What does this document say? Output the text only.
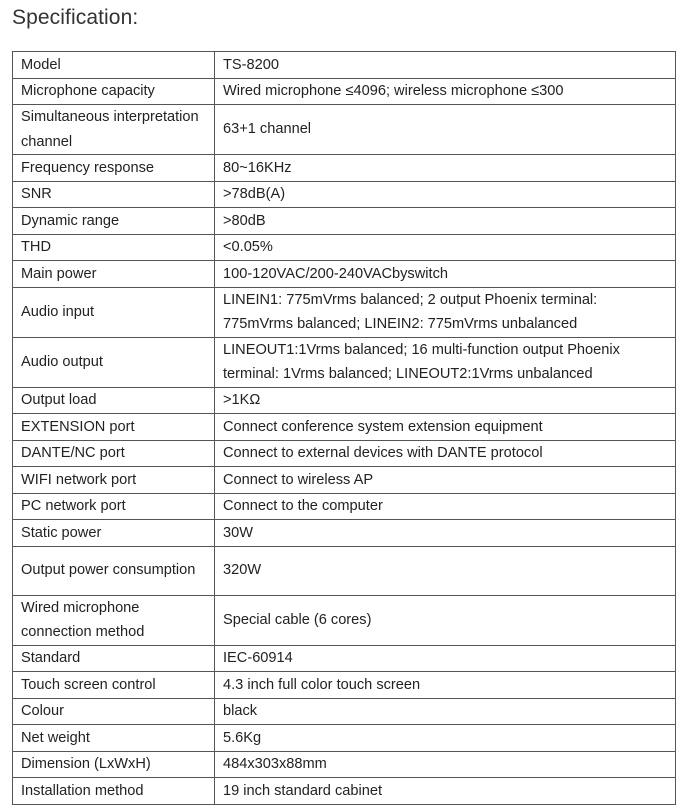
Specification:
Model	TS-8200
Microphone capacity	Wired microphone ≤4096; wireless microphone ≤300
Simultaneous interpretation channel	63+1 channel
Frequency response	80~16KHz
SNR	>78dB(A)
Dynamic range	>80dB
THD	<0.05%
Main power	100-120VAC/200-240VACbyswitch
Audio input	LINEIN1: 775mVrms balanced; 2 output Phoenix terminal: 775mVrms balanced; LINEIN2: 775mVrms unbalanced
Audio output	LINEOUT1:1Vrms balanced; 16 multi-function output Phoenix terminal: 1Vrms balanced; LINEOUT2:1Vrms unbalanced
Output load	>1KΩ
EXTENSION port	Connect conference system extension equipment
DANTE/NC port	Connect to external devices with DANTE protocol
WIFI network port	Connect to wireless AP
PC network port	Connect to the computer
Static power	30W
Output power consumption	320W
Wired microphone connection method	Special cable (6 cores)
Standard	IEC-60914
Touch screen control	4.3 inch full color touch screen
Colour	black
Net weight	5.6Kg
Dimension (LxWxH)	484x303x88mm
Installation method	19 inch standard cabinet
